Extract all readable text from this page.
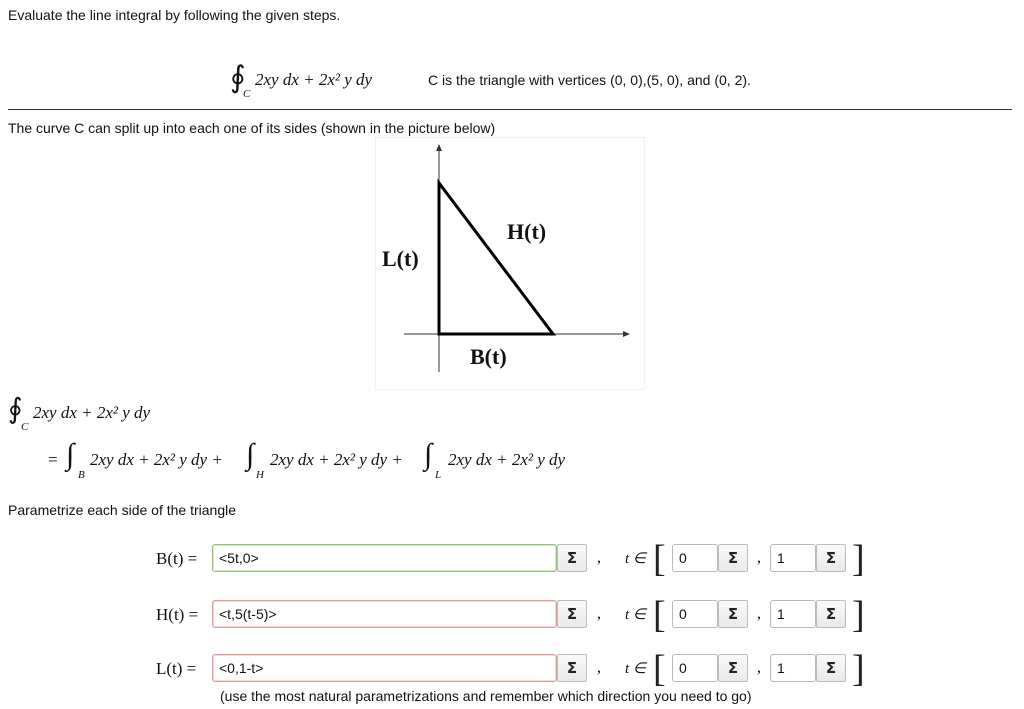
Evaluate the line integral by following the given steps.
∮
C
2xy dx + 2x² y dy	C is the triangle with vertices (0, 0),(5, 0), and (0, 2).
The curve C can split up into each one of its sides (shown in the picture below)
H(t)
L(t)
B(t)
∮
C
2xy dx + 2x² y dy
= ∫
B
2xy dx + 2x² y dy + ∫
H
2xy dx + 2x² y dy + ∫
L
2xy dx + 2x² y dy
Parametrize each side of the triangle
B(t) =	<5t,0>	Σ	, t ∈ [ 0	Σ	,	1	Σ ]
H(t) =	<t,5(t-5)>	Σ	, t ∈ [ 0	Σ	,	1	Σ ]
L(t) =	<0,1-t>	Σ	, t ∈ [ 0	Σ	,	1	Σ ]
(use the most natural parametrizations and remember which direction you need to go)
